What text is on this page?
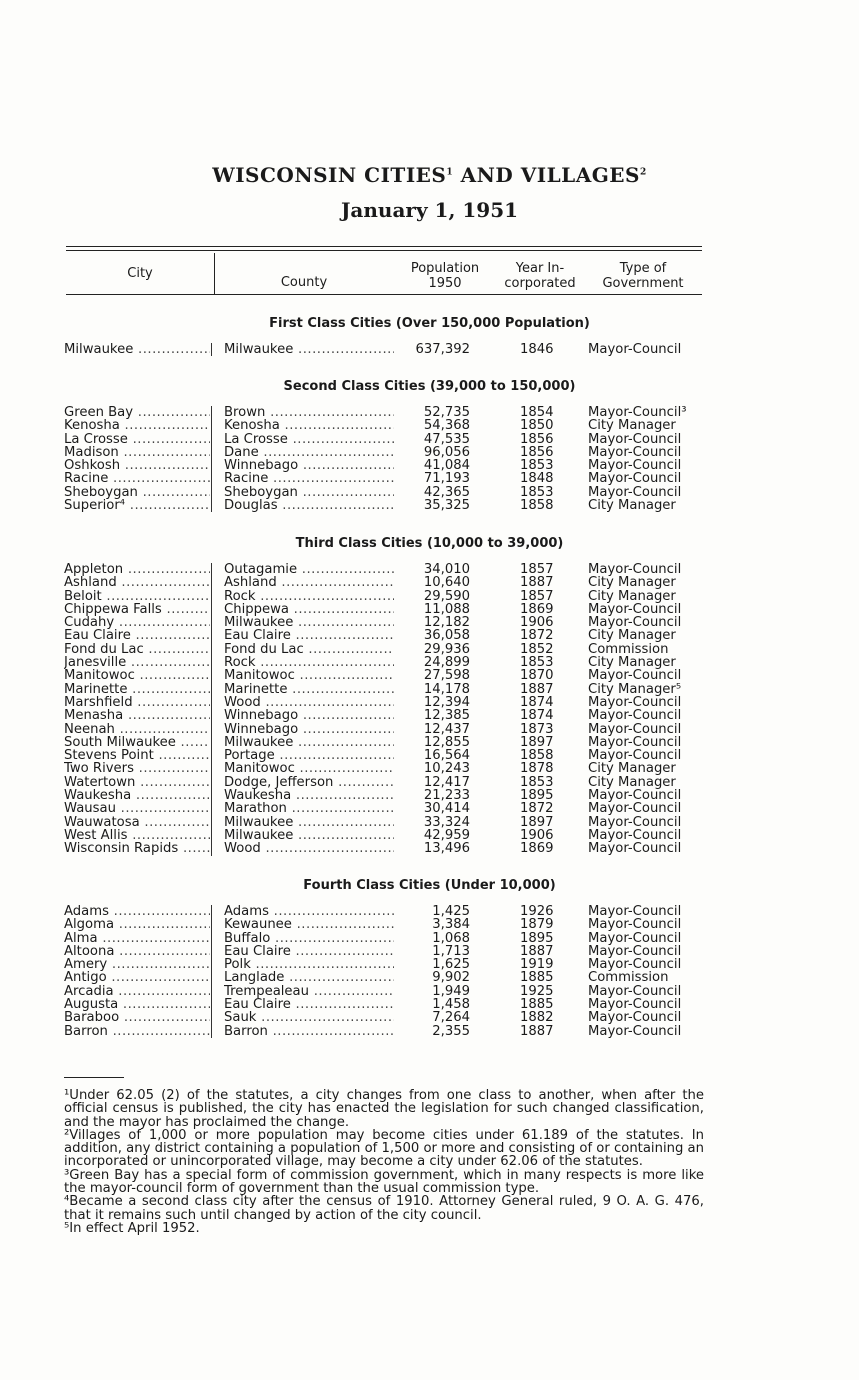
WISCONSIN CITIES$^1$ AND VILLAGES$^2$
January 1, 1951
City
County
Population
1950
Year In-
corporated
Type of
Government
First Class Cities (Over 150,000 Population)
Milwaukee .....	Milwaukee .....	637,392	1846	Mayor-Council
Second Class Cities (39,000 to 150,000)
Green Bay .....	Brown .....	52,735	1854	Mayor-Council³
Kenosha .....	Kenosha .....	54,368	1850	City Manager
La Crosse .....	La Crosse .....	47,535	1856	Mayor-Council
Madison .....	Dane .....	96,056	1856	Mayor-Council
Oshkosh .....	Winnebago .....	41,084	1853	Mayor-Council
Racine .....	Racine .....	71,193	1848	Mayor-Council
Sheboygan .....	Sheboygan .....	42,365	1853	Mayor-Council
Superior⁴ .....	Douglas .....	35,325	1858	City Manager
Third Class Cities (10,000 to 39,000)
Appleton .....	Outagamie .....	34,010	1857	Mayor-Council
Ashland .....	Ashland .....	10,640	1887	City Manager
Beloit .....	Rock .....	29,590	1857	City Manager
Chippewa Falls .....	Chippewa .....	11,088	1869	Mayor-Council
Cudahy .....	Milwaukee .....	12,182	1906	Mayor-Council
Eau Claire .....	Eau Claire .....	36,058	1872	City Manager
Fond du Lac .....	Fond du Lac .....	29,936	1852	Commission
Janesville .....	Rock .....	24,899	1853	City Manager
Manitowoc .....	Manitowoc .....	27,598	1870	Mayor-Council
Marinette .....	Marinette .....	14,178	1887	City Manager⁵
Marshfield .....	Wood .....	12,394	1874	Mayor-Council
Menasha .....	Winnebago .....	12,385	1874	Mayor-Council
Neenah .....	Winnebago .....	12,437	1873	Mayor-Council
South Milwaukee .....	Milwaukee .....	12,855	1897	Mayor-Council
Stevens Point .....	Portage .....	16,564	1858	Mayor-Council
Two Rivers .....	Manitowoc .....	10,243	1878	City Manager
Watertown .....	Dodge, Jefferson .....	12,417	1853	City Manager
Waukesha .....	Waukesha .....	21,233	1895	Mayor-Council
Wausau .....	Marathon .....	30,414	1872	Mayor-Council
Wauwatosa .....	Milwaukee .....	33,324	1897	Mayor-Council
West Allis .....	Milwaukee .....	42,959	1906	Mayor-Council
Wisconsin Rapids .....	Wood .....	13,496	1869	Mayor-Council
Fourth Class Cities (Under 10,000)
Adams .....	Adams .....	1,425	1926	Mayor-Council
Algoma .....	Kewaunee .....	3,384	1879	Mayor-Council
Alma .....	Buffalo .....	1,068	1895	Mayor-Council
Altoona .....	Eau Claire .....	1,713	1887	Mayor-Council
Amery .....	Polk .....	1,625	1919	Mayor-Council
Antigo .....	Langlade .....	9,902	1885	Commission
Arcadia .....	Trempealeau .....	1,949	1925	Mayor-Council
Augusta .....	Eau Claire .....	1,458	1885	Mayor-Council
Baraboo .....	Sauk .....	7,264	1882	Mayor-Council
Barron .....	Barron .....	2,355	1887	Mayor-Council
¹Under 62.05 (2) of the statutes, a city changes from one class to another, when after the official census is published, the city has enacted the legislation for such changed classification, and the mayor has proclaimed the change.
²Villages of 1,000 or more population may become cities under 61.189 of the statutes. In addition, any district containing a population of 1,500 or more and consisting of or containing an incorporated or unincorporated village, may become a city under 62.06 of the statutes.
³Green Bay has a special form of commission government, which in many respects is more like the mayor-council form of government than the usual commission type.
⁴Became a second class city after the census of 1910. Attorney General ruled, 9 O. A. G. 476, that it remains such until changed by action of the city council.
⁵In effect April 1952.
